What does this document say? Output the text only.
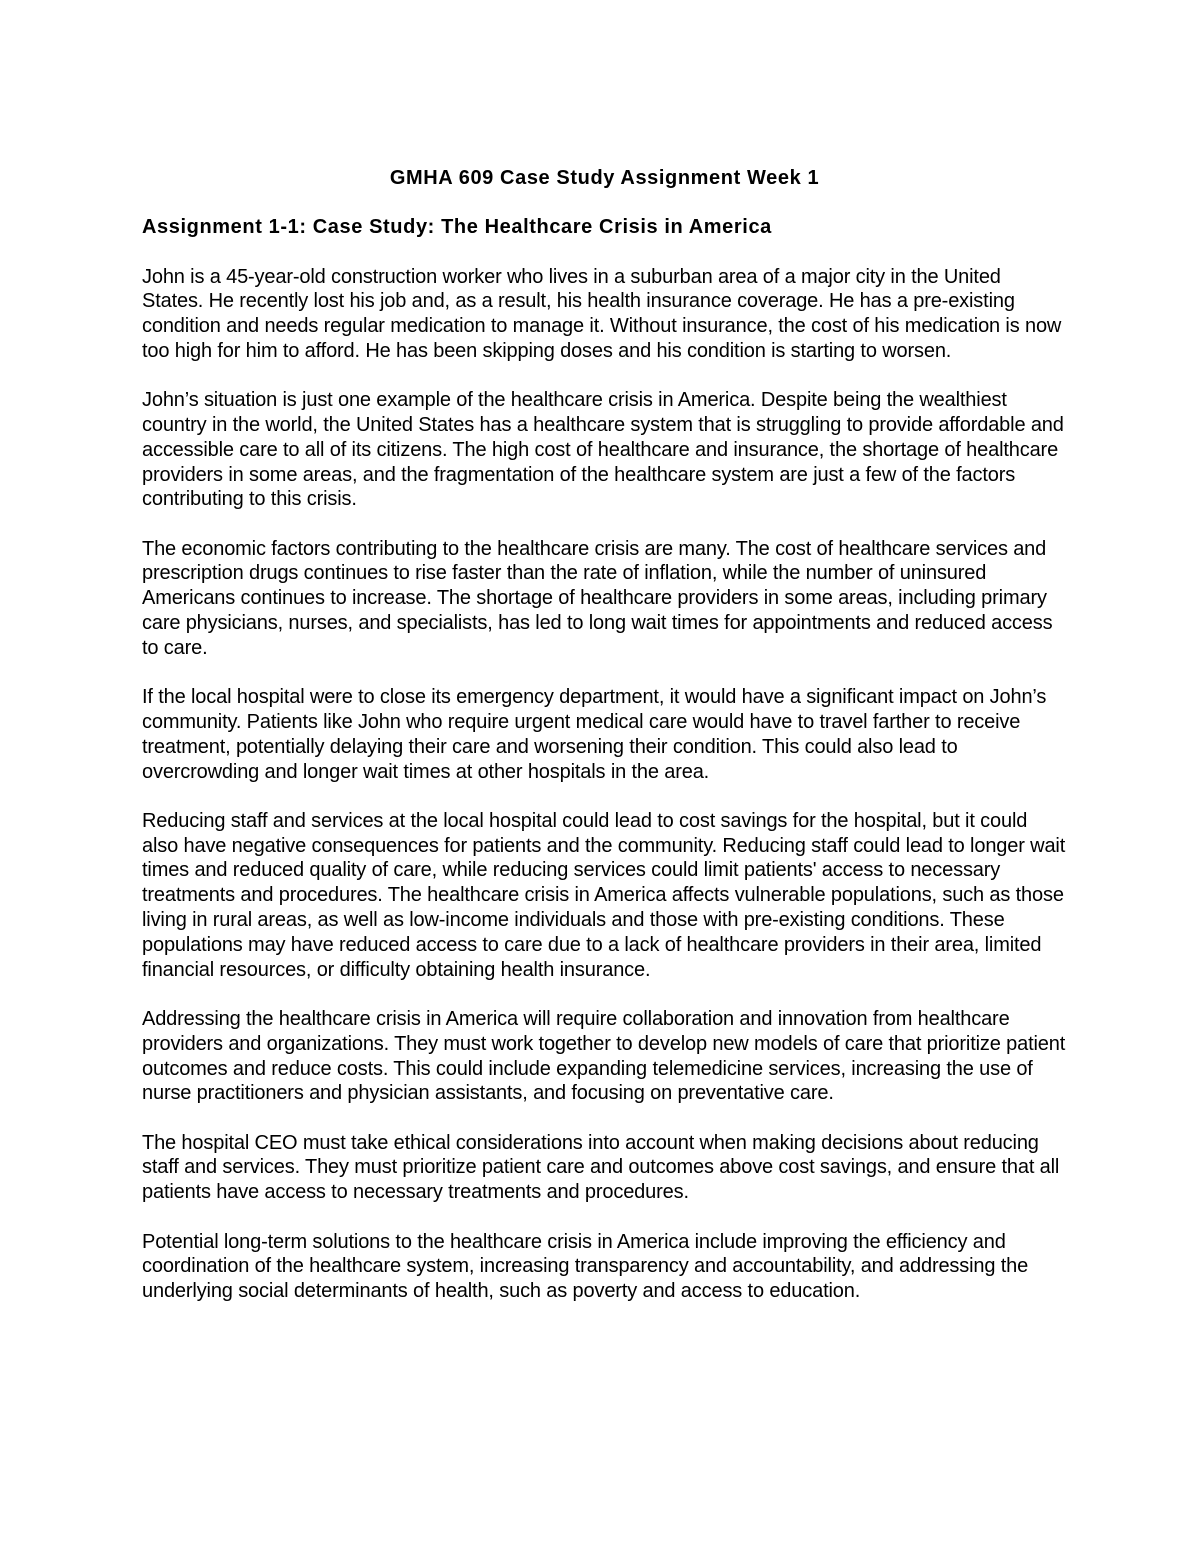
GMHA 609 Case Study Assignment Week 1

Assignment 1-1: Case Study: The Healthcare Crisis in America

John is a 45-year-old construction worker who lives in a suburban area of a major city in the United States. He recently lost his job and, as a result, his health insurance coverage. He has a pre-existing condition and needs regular medication to manage it. Without insurance, the cost of his medication is now too high for him to afford. He has been skipping doses and his condition is starting to worsen.

John’s situation is just one example of the healthcare crisis in America. Despite being the wealthiest country in the world, the United States has a healthcare system that is struggling to provide affordable and accessible care to all of its citizens. The high cost of healthcare and insurance, the shortage of healthcare providers in some areas, and the fragmentation of the healthcare system are just a few of the factors contributing to this crisis.

The economic factors contributing to the healthcare crisis are many. The cost of healthcare services and prescription drugs continues to rise faster than the rate of inflation, while the number of uninsured Americans continues to increase. The shortage of healthcare providers in some areas, including primary care physicians, nurses, and specialists, has led to long wait times for appointments and reduced access to care.

If the local hospital were to close its emergency department, it would have a significant impact on John’s community. Patients like John who require urgent medical care would have to travel farther to receive treatment, potentially delaying their care and worsening their condition. This could also lead to overcrowding and longer wait times at other hospitals in the area.

Reducing staff and services at the local hospital could lead to cost savings for the hospital, but it could also have negative consequences for patients and the community. Reducing staff could lead to longer wait times and reduced quality of care, while reducing services could limit patients' access to necessary treatments and procedures. The healthcare crisis in America affects vulnerable populations, such as those living in rural areas, as well as low-income individuals and those with pre-existing conditions. These populations may have reduced access to care due to a lack of healthcare providers in their area, limited financial resources, or difficulty obtaining health insurance.

Addressing the healthcare crisis in America will require collaboration and innovation from healthcare providers and organizations. They must work together to develop new models of care that prioritize patient outcomes and reduce costs. This could include expanding telemedicine services, increasing the use of nurse practitioners and physician assistants, and focusing on preventative care.

The hospital CEO must take ethical considerations into account when making decisions about reducing staff and services. They must prioritize patient care and outcomes above cost savings, and ensure that all patients have access to necessary treatments and procedures.

Potential long-term solutions to the healthcare crisis in America include improving the efficiency and coordination of the healthcare system, increasing transparency and accountability, and addressing the underlying social determinants of health, such as poverty and access to education.
